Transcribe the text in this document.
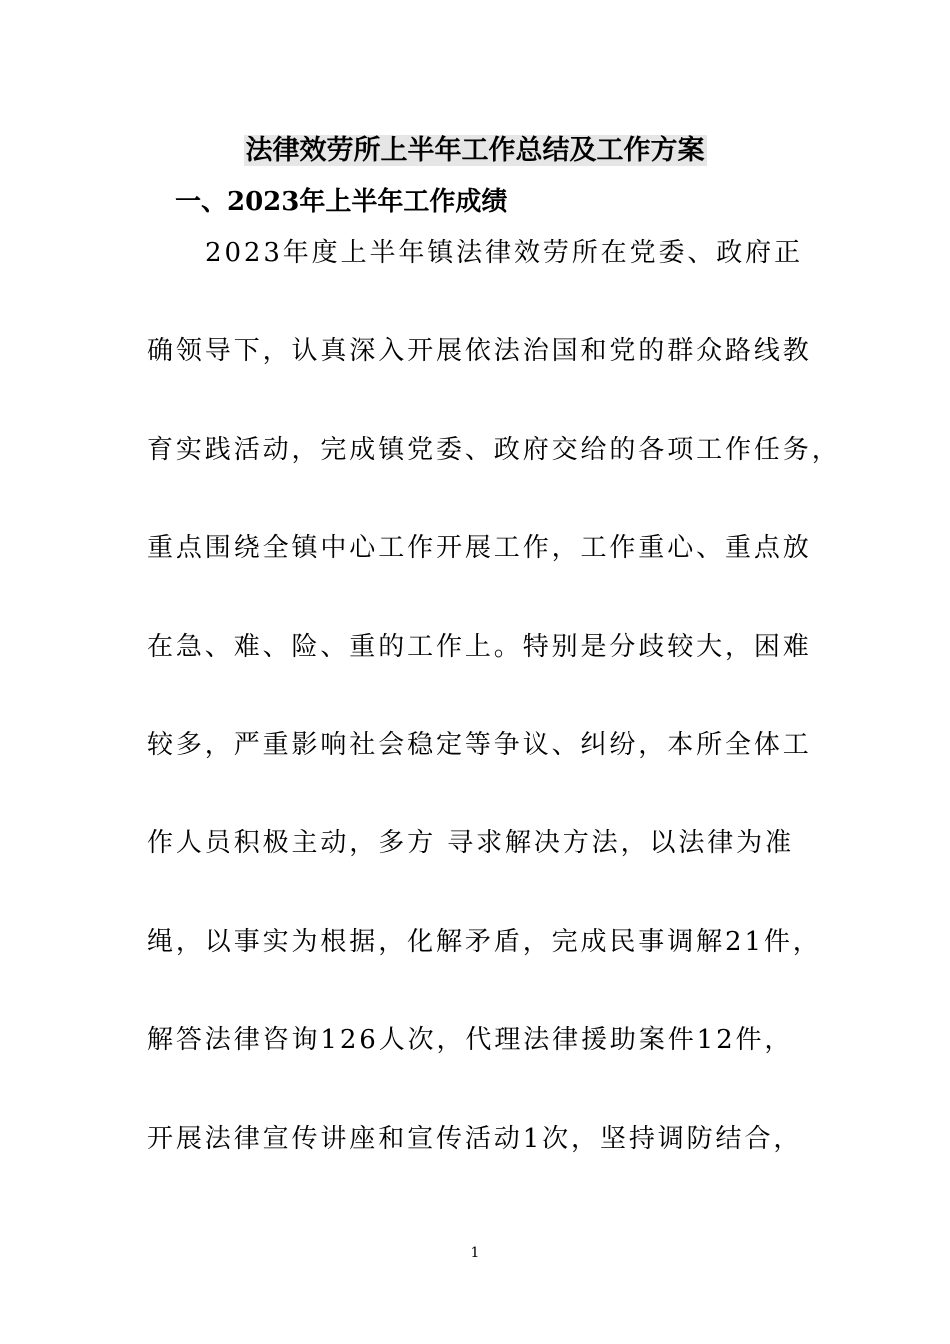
法律效劳所上半年工作总结及工作方案
一、2023年上半年工作成绩
2023年度上半年镇法律效劳所在党委、政府正
确领导下，认真深入开展依法治国和党的群众路线教
育实践活动，完成镇党委、政府交给的各项工作任务，
重点围绕全镇中心工作开展工作，工作重心、重点放
在急、难、险、重的工作上。特别是分歧较大，困难
较多，严重影响社会稳定等争议、纠纷，本所全体工
作人员积极主动，多方 寻求解决方法，以法律为准
绳，以事实为根据，化解矛盾，完成民事调解21件，
解答法律咨询126人次，代理法律援助案件12件，
开展法律宣传讲座和宣传活动1次，坚持调防结合，
1
